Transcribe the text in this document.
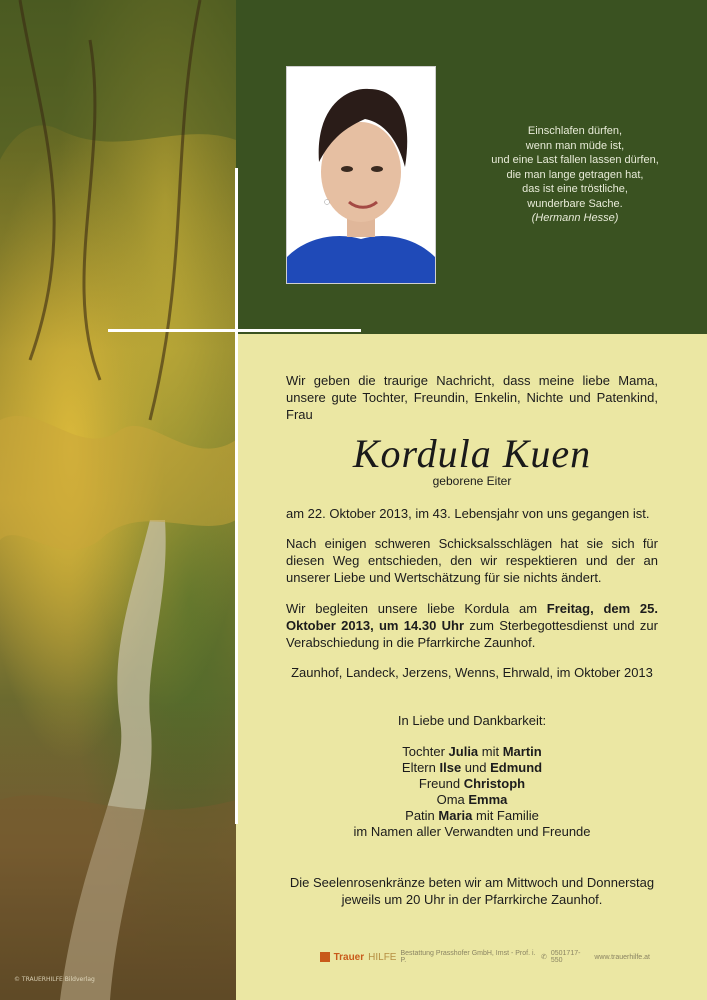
© TRAUERHILFE Bildverlag
Einschlafen dürfen,
wenn man müde ist,
und eine Last fallen lassen dürfen,
die man lange getragen hat,
das ist eine tröstliche,
wunderbare Sache.
(Hermann Hesse)
Wir geben die traurige Nachricht, dass meine liebe Mama, unsere gute Tochter, Freundin, Enkelin, Nichte und Patenkind, Frau
Kordula Kuen
geborene Eiter
am 22. Oktober 2013, im 43. Lebensjahr von uns gegangen ist.
Nach einigen schweren Schicksalsschlägen hat sie sich für diesen Weg entschieden, den wir respektieren und der an unserer Liebe und Wertschätzung für sie nichts ändert.
Wir begleiten unsere liebe Kordula am Freitag, dem 25. Oktober 2013, um 14.30 Uhr zum Sterbegottesdienst und zur Verabschiedung in die Pfarrkirche Zaunhof.
Zaunhof, Landeck, Jerzens, Wenns, Ehrwald, im Oktober 2013
In Liebe und Dankbarkeit:
Tochter Julia mit Martin
Eltern Ilse und Edmund
Freund Christoph
Oma Emma
Patin Maria mit Familie
im Namen aller Verwandten und Freunde
Die Seelenrosenkränze beten wir am Mittwoch und Donnerstag jeweils um 20 Uhr in der Pfarrkirche Zaunhof.
Trauer HILFE Bestattung Prasshofer GmbH, Imst - Prof. i. P.	✆
0501717-550	www.trauerhilfe.at
